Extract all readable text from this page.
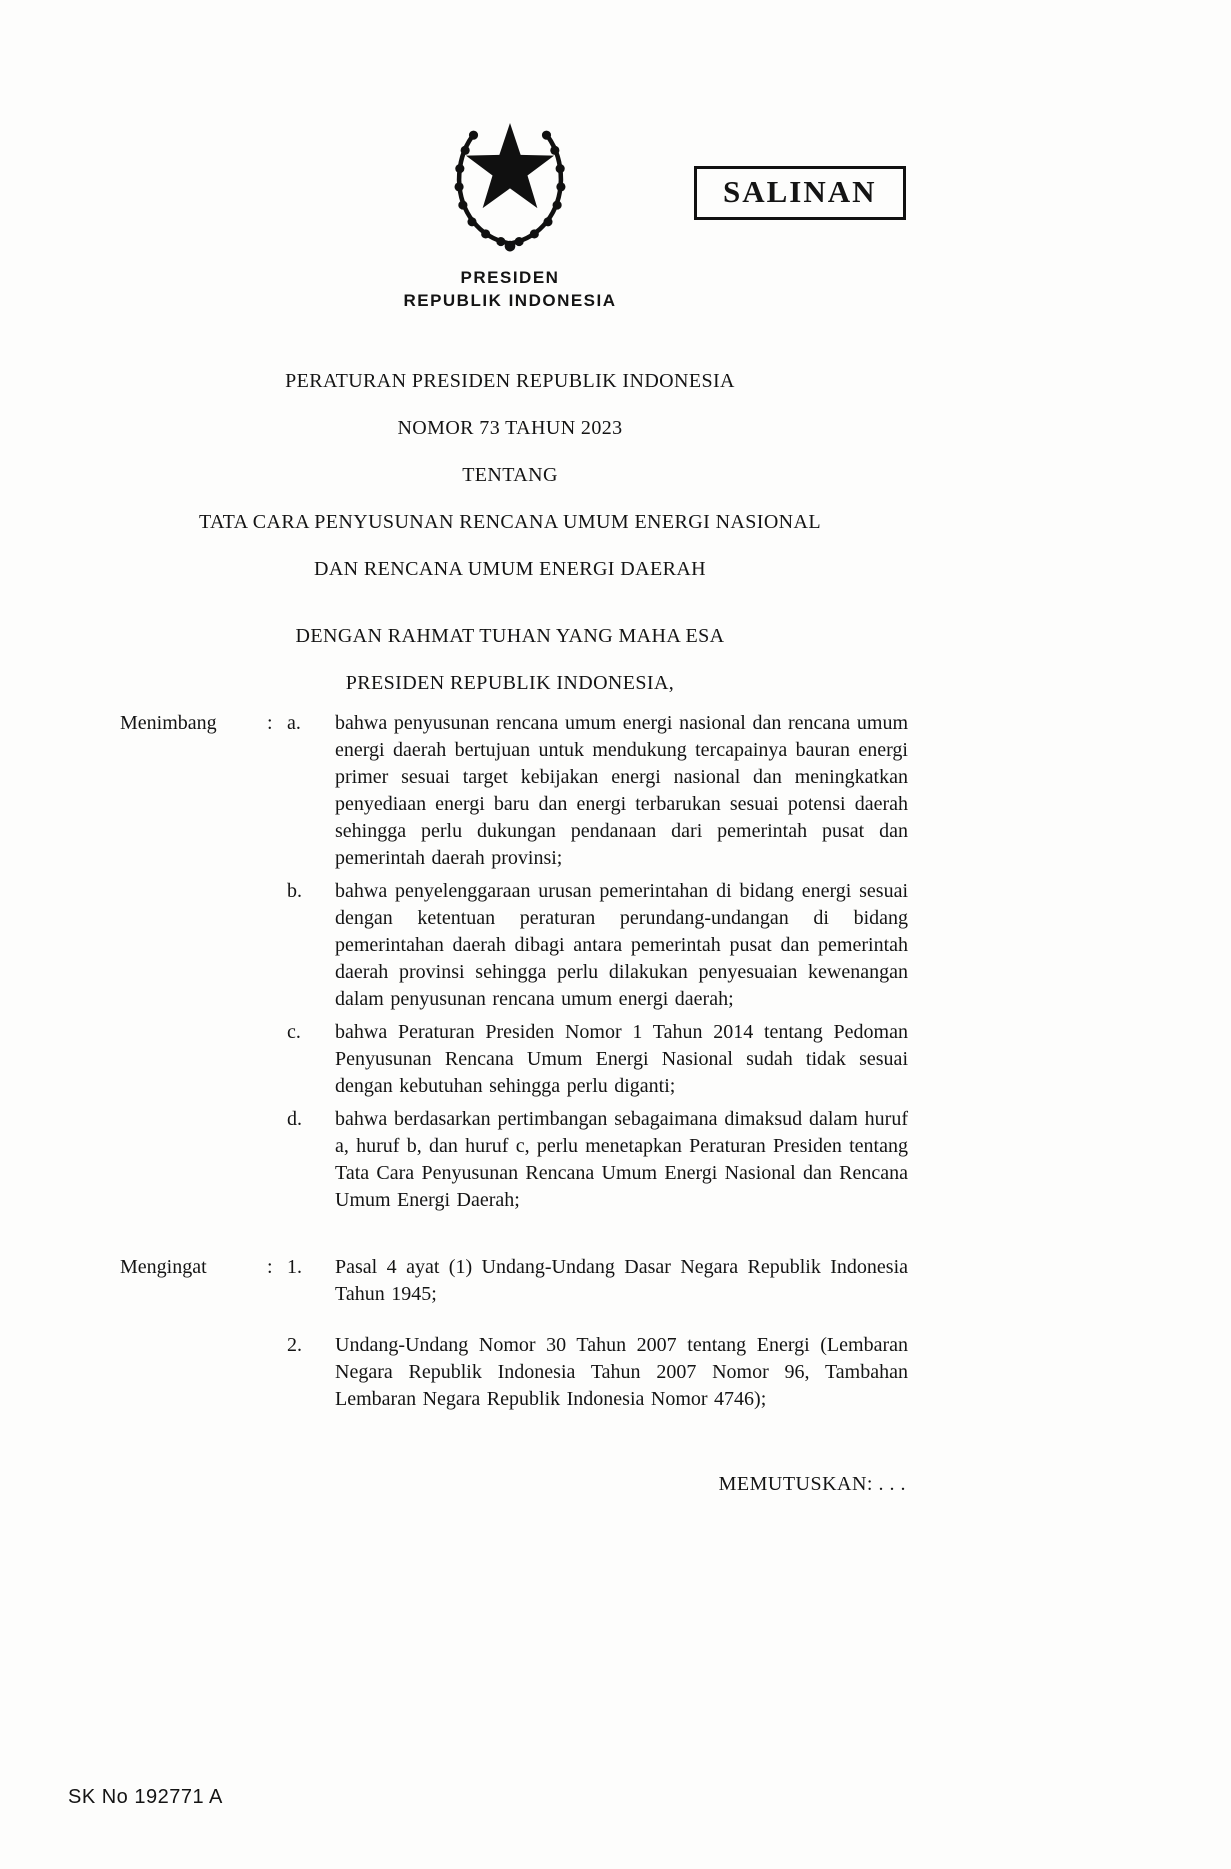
SALINAN
PRESIDEN
REPUBLIK INDONESIA
PERATURAN PRESIDEN REPUBLIK INDONESIA
NOMOR 73 TAHUN 2023
TENTANG
TATA CARA PENYUSUNAN RENCANA UMUM ENERGI NASIONAL
DAN RENCANA UMUM ENERGI DAERAH
DENGAN RAHMAT TUHAN YANG MAHA ESA
PRESIDEN REPUBLIK INDONESIA,
Menimbang	: a.	bahwa penyusunan rencana umum energi nasional dan rencana umum energi daerah bertujuan untuk mendukung tercapainya bauran energi primer sesuai target kebijakan energi nasional dan meningkatkan penyediaan energi baru dan energi terbarukan sesuai potensi daerah sehingga perlu dukungan pendanaan dari pemerintah pusat dan pemerintah daerah provinsi;
b.	bahwa penyelenggaraan urusan pemerintahan di bidang energi sesuai dengan ketentuan peraturan perundang-undangan di bidang pemerintahan daerah dibagi antara pemerintah pusat dan pemerintah daerah provinsi sehingga perlu dilakukan penyesuaian kewenangan dalam penyusunan rencana umum energi daerah;
c.	bahwa Peraturan Presiden Nomor 1 Tahun 2014 tentang Pedoman Penyusunan Rencana Umum Energi Nasional sudah tidak sesuai dengan kebutuhan sehingga perlu diganti;
d.	bahwa berdasarkan pertimbangan sebagaimana dimaksud dalam huruf a, huruf b, dan huruf c, perlu menetapkan Peraturan Presiden tentang Tata Cara Penyusunan Rencana Umum Energi Nasional dan Rencana Umum Energi Daerah;
Mengingat	: 1.	Pasal 4 ayat (1) Undang-Undang Dasar Negara Republik Indonesia Tahun 1945;
2.	Undang-Undang Nomor 30 Tahun 2007 tentang Energi (Lembaran Negara Republik Indonesia Tahun 2007 Nomor 96, Tambahan Lembaran Negara Republik Indonesia Nomor 4746);
MEMUTUSKAN: . . .
SK No 192771 A
